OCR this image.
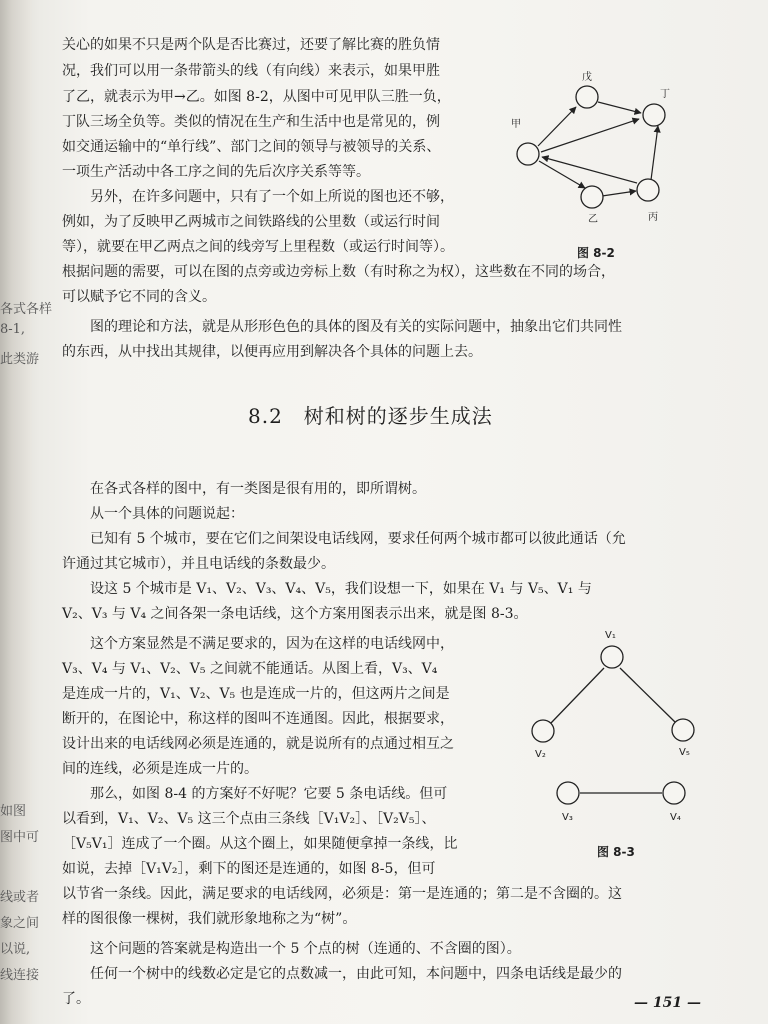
各式各样
8-1,
此类游
如图
图中可
线或者
象之间
以说,
线连接
关心的如果不只是两个队是否比赛过，还要了解比赛的胜负情
况，我们可以用一条带箭头的线（有向线）来表示，如果甲胜
了乙，就表示为甲→乙。如图 8-2，从图中可见甲队三胜一负，
丁队三场全负等。类似的情况在生产和生活中也是常见的，例
如交通运输中的“单行线”、部门之间的领导与被领导的关系、
一项生产活动中各工序之间的先后次序关系等等。
另外，在许多问题中，只有了一个如上所说的图也还不够，
例如，为了反映甲乙两城市之间铁路线的公里数（或运行时间
等），就要在甲乙两点之间的线旁写上里程数（或运行时间等）。
根据问题的需要，可以在图的点旁或边旁标上数（有时称之为权），这些数在不同的场合，
可以赋予它不同的含义。
图的理论和方法，就是从形形色色的具体的图及有关的实际问题中，抽象出它们共同性
的东西，从中找出其规律，以便再应用到解决各个具体的问题上去。
戊
丁
甲
乙	丙
图 8-2
8.2　树和树的逐步生成法
在各式各样的图中，有一类图是很有用的，即所谓树。
从一个具体的问题说起：
已知有 5 个城市，要在它们之间架设电话线网，要求任何两个城市都可以彼此通话（允
许通过其它城市），并且电话线的条数最少。
设这 5 个城市是 V₁、V₂、V₃、V₄、V₅，我们设想一下，如果在 V₁ 与 V₅、V₁ 与
V₂、V₃ 与 V₄ 之间各架一条电话线，这个方案用图表示出来，就是图 8-3。
这个方案显然是不满足要求的，因为在这样的电话线网中，
V₃、V₄ 与 V₁、V₂、V₅ 之间就不能通话。从图上看，V₃、V₄
是连成一片的，V₁、V₂、V₅ 也是连成一片的，但这两片之间是
断开的，在图论中，称这样的图叫不连通图。因此，根据要求，
设计出来的电话线网必须是连通的，就是说所有的点通过相互之
间的连线，必须是连成一片的。
那么，如图 8-4 的方案好不好呢？它要 5 条电话线。但可
以看到，V₁、V₂、V₅ 这三个点由三条线［V₁V₂］、［V₂V₅］、
［V₅V₁］连成了一个圈。从这个圈上，如果随便拿掉一条线，比
如说，去掉［V₁V₂］，剩下的图还是连通的，如图 8-5，但可
以节省一条线。因此，满足要求的电话线网，必须是：第一是连通的；第二是不含圈的。这
样的图很像一棵树，我们就形象地称之为“树”。
这个问题的答案就是构造出一个 5 个点的树（连通的、不含圈的图）。
任何一个树中的线数必定是它的点数减一，由此可知，本问题中，四条电话线是最少的
了。
V₁
V₂	V₅
V₃	V₄
图 8-3
— 151 —
